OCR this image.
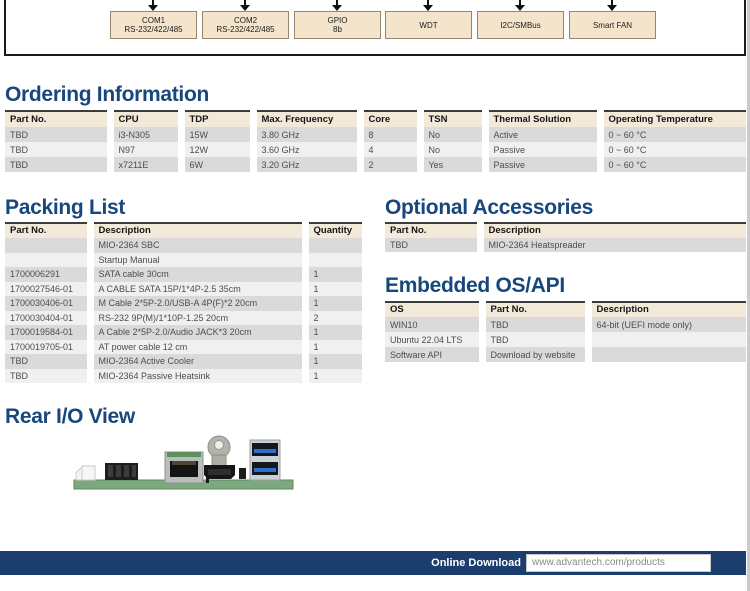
COM1
RS-232/422/485
COM2
RS-232/422/485
GPIO
8b	WDT	I2C/SMBus	Smart FAN
Ordering Information
Packing List	Optional Accessories
Embedded OS/API
Rear I/O View
Part No.	CPU	TDP	Max. Frequency	Core	TSN	Thermal Solution	Operating Temperature
TBD	i3-N305	15W	3.80 GHz	8	No	Active	0 ~ 60 °C
TBD	N97	12W	3.60 GHz	4	No	Passive	0 ~ 60 °C
TBD	x7211E	6W	3.20 GHz	2	Yes	Passive	0 ~ 60 °C
Part No.	Description	Quantity
	MIO-2364 SBC	
	Startup Manual	
1700006291	SATA cable 30cm	1
1700027546-01	A CABLE SATA 15P/1*4P-2.5 35cm	1
1700030406-01	M Cable 2*5P-2.0/USB-A 4P(F)*2 20cm	1
1700030404-01	RS-232 9P(M)/1*10P-1.25 20cm	2
1700019584-01	A Cable 2*5P-2.0/Audio JACK*3 20cm	1
1700019705-01	AT power cable 12 cm	1
TBD	MIO-2364 Active Cooler	1
TBD	MIO-2364 Passive Heatsink	1
Part No.	Description
TBD	MIO-2364 Heatspreader
OS	Part No.	Description
WIN10	TBD	64-bit (UEFI mode only)
Ubuntu 22.04 LTS	TBD	
Software API	Download by website	
Online Download	www.advantech.com/products
